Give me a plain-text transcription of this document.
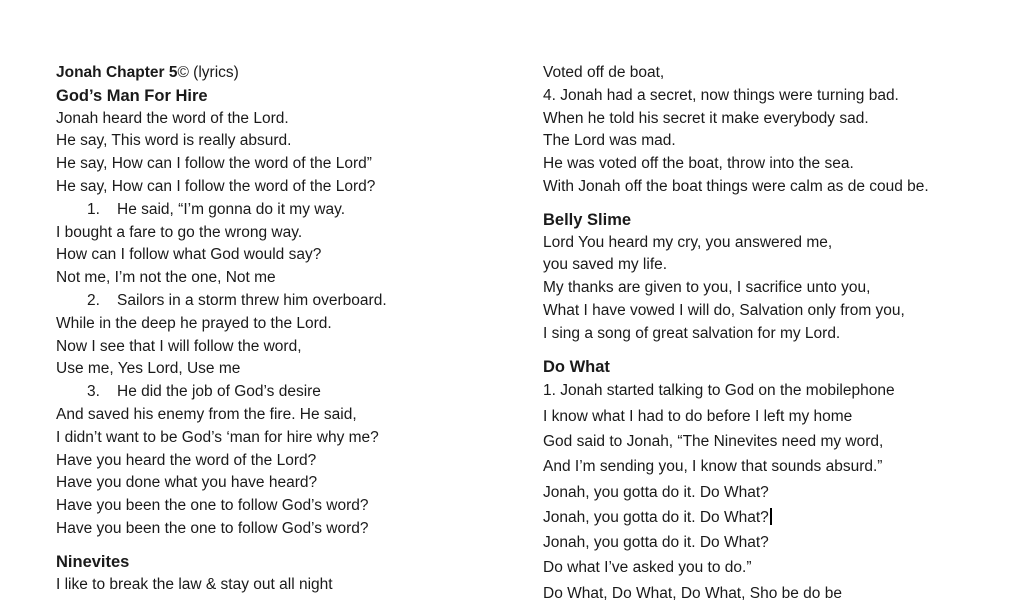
Jonah Chapter 5© (lyrics)
God’s Man For Hire
Jonah heard the word of the Lord.
He say, This word is really absurd.
He say, How can I follow the word of the Lord”
He say, How can I follow the word of the Lord?
1. He said, “I’m gonna do it my way.
I bought a fare to go the wrong way.
How can I follow what God would say?
Not me, I’m not the one, Not me
2. Sailors in a storm threw him overboard.
While in the deep he prayed to the Lord.
Now I see that I will follow the word,
Use me, Yes Lord, Use me
3. He did the job of God’s desire
And saved his enemy from the fire. He said,
I didn’t want to be God’s ‘man for hire why me?
Have you heard the word of the Lord?
Have you done what you have heard?
Have you been the one to follow God’s word?
Have you been the one to follow God’s word?
Ninevites
I like to break the law & stay out all night
Voted off de boat,
4. Jonah had a secret, now things were turning bad.
When he told his secret it make everybody sad.
The Lord was mad.
He was voted off the boat, throw into the sea.
With Jonah off the boat things were calm as de coud be.
Belly Slime
Lord You heard my cry, you answered me,
you saved my life.
My thanks are given to you, I sacrifice unto you,
What I have vowed I will do, Salvation only from you,
I sing a song of great salvation for my Lord.
Do What
1. Jonah started talking to God on the mobilephone
I know what I had to do before I left my home
God said to Jonah, “The Ninevites need my word,
And I’m sending you, I know that sounds absurd.”
Jonah, you gotta do it. Do What?
Jonah, you gotta do it. Do What?
Jonah, you gotta do it. Do What?
Do what I’ve asked you to do.”
Do What, Do What, Do What, Sho be do be
